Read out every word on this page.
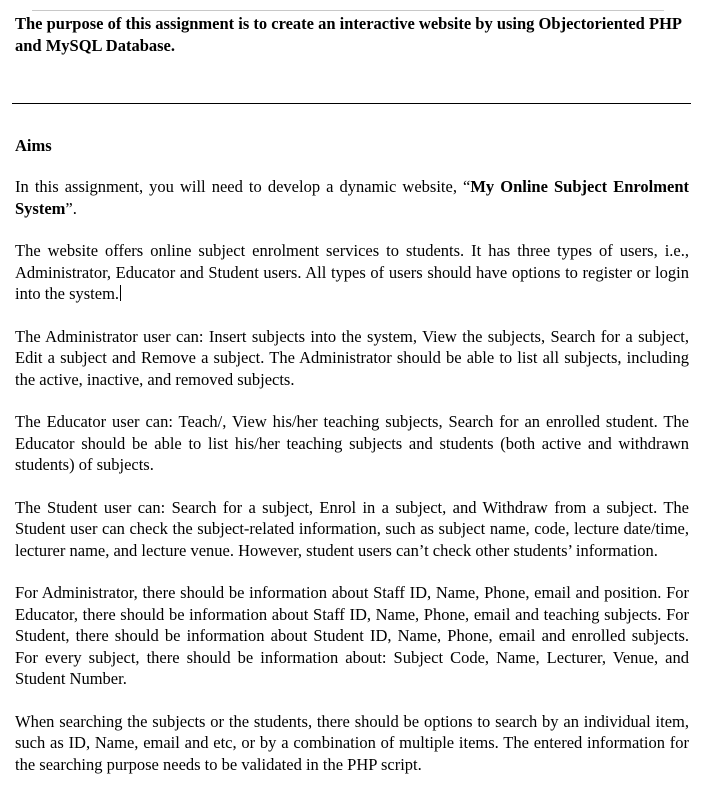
The purpose of this assignment is to create an interactive website by using Objectoriented PHP and MySQL Database.

Aims

In this assignment, you will need to develop a dynamic website, “My Online Subject Enrolment System”.

The website offers online subject enrolment services to students. It has three types of users, i.e., Administrator, Educator and Student users. All types of users should have options to register or login into the system.

The Administrator user can: Insert subjects into the system, View the subjects, Search for a subject, Edit a subject and Remove a subject. The Administrator should be able to list all subjects, including the active, inactive, and removed subjects.

The Educator user can: Teach/, View his/her teaching subjects, Search for an enrolled student. The Educator should be able to list his/her teaching subjects and students (both active and withdrawn students) of subjects.

The Student user can: Search for a subject, Enrol in a subject, and Withdraw from a subject. The Student user can check the subject-related information, such as subject name, code, lecture date/time, lecturer name, and lecture venue. However, student users can’t check other students’ information.

For Administrator, there should be information about Staff ID, Name, Phone, email and position. For Educator, there should be information about Staff ID, Name, Phone, email and teaching subjects. For Student, there should be information about Student ID, Name, Phone, email and enrolled subjects. For every subject, there should be information about: Subject Code, Name, Lecturer, Venue, and Student Number.

When searching the subjects or the students, there should be options to search by an individual item, such as ID, Name, email and etc, or by a combination of multiple items. The entered information for the searching purpose needs to be validated in the PHP script.
